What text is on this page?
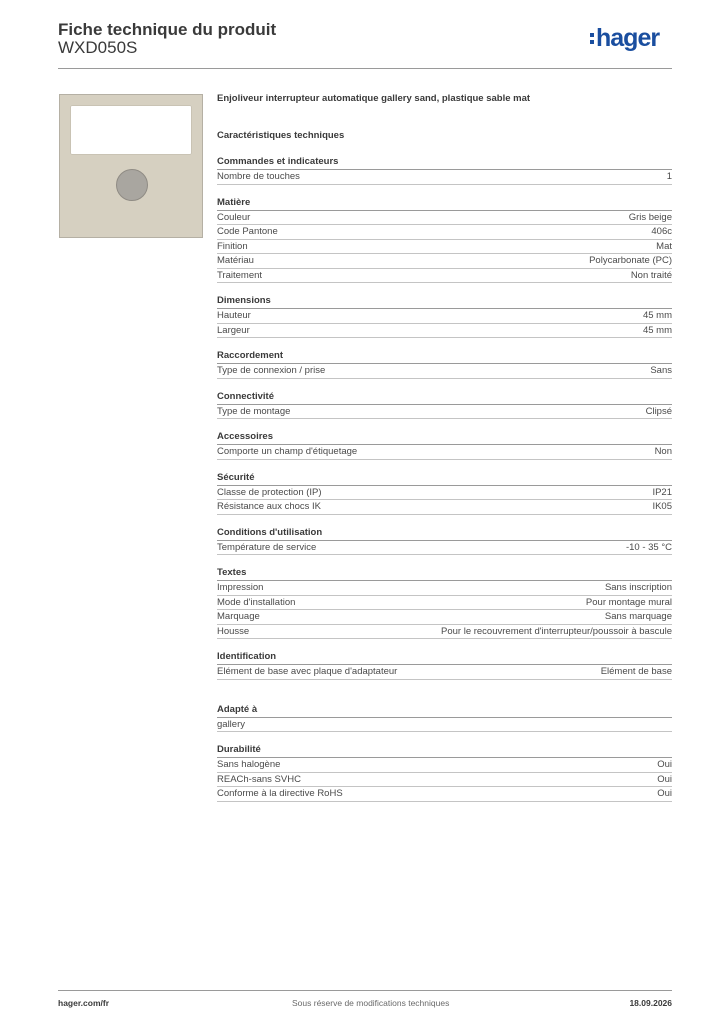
Fiche technique du produit
WXD050S	hager
Enjoliveur interrupteur automatique gallery sand, plastique sable mat
Caractéristiques techniques
Commandes et indicateurs
Nombre de touches	1
Matière
Couleur	Gris beige
Code Pantone	406c
Finition	Mat
Matériau	Polycarbonate (PC)
Traitement	Non traité
Dimensions
Hauteur	45 mm
Largeur	45 mm
Raccordement
Type de connexion / prise	Sans
Connectivité
Type de montage	Clipsé
Accessoires
Comporte un champ d'étiquetage	Non
Sécurité
Classe de protection (IP)	IP21
Résistance aux chocs IK	IK05
Conditions d'utilisation
Température de service	-10 - 35 °C
Textes
Impression	Sans inscription
Mode d'installation	Pour montage mural
Marquage	Sans marquage
Housse	Pour le recouvrement d'interrupteur/poussoir à bascule
Identification
Elément de base avec plaque d'adaptateur	Elément de base
Adapté à
gallery
Durabilité
Sans halogène	Oui
REACh-sans SVHC	Oui
Conforme à la directive RoHS	Oui
hager.com/fr	Sous réserve de modifications techniques	18.09.2026
